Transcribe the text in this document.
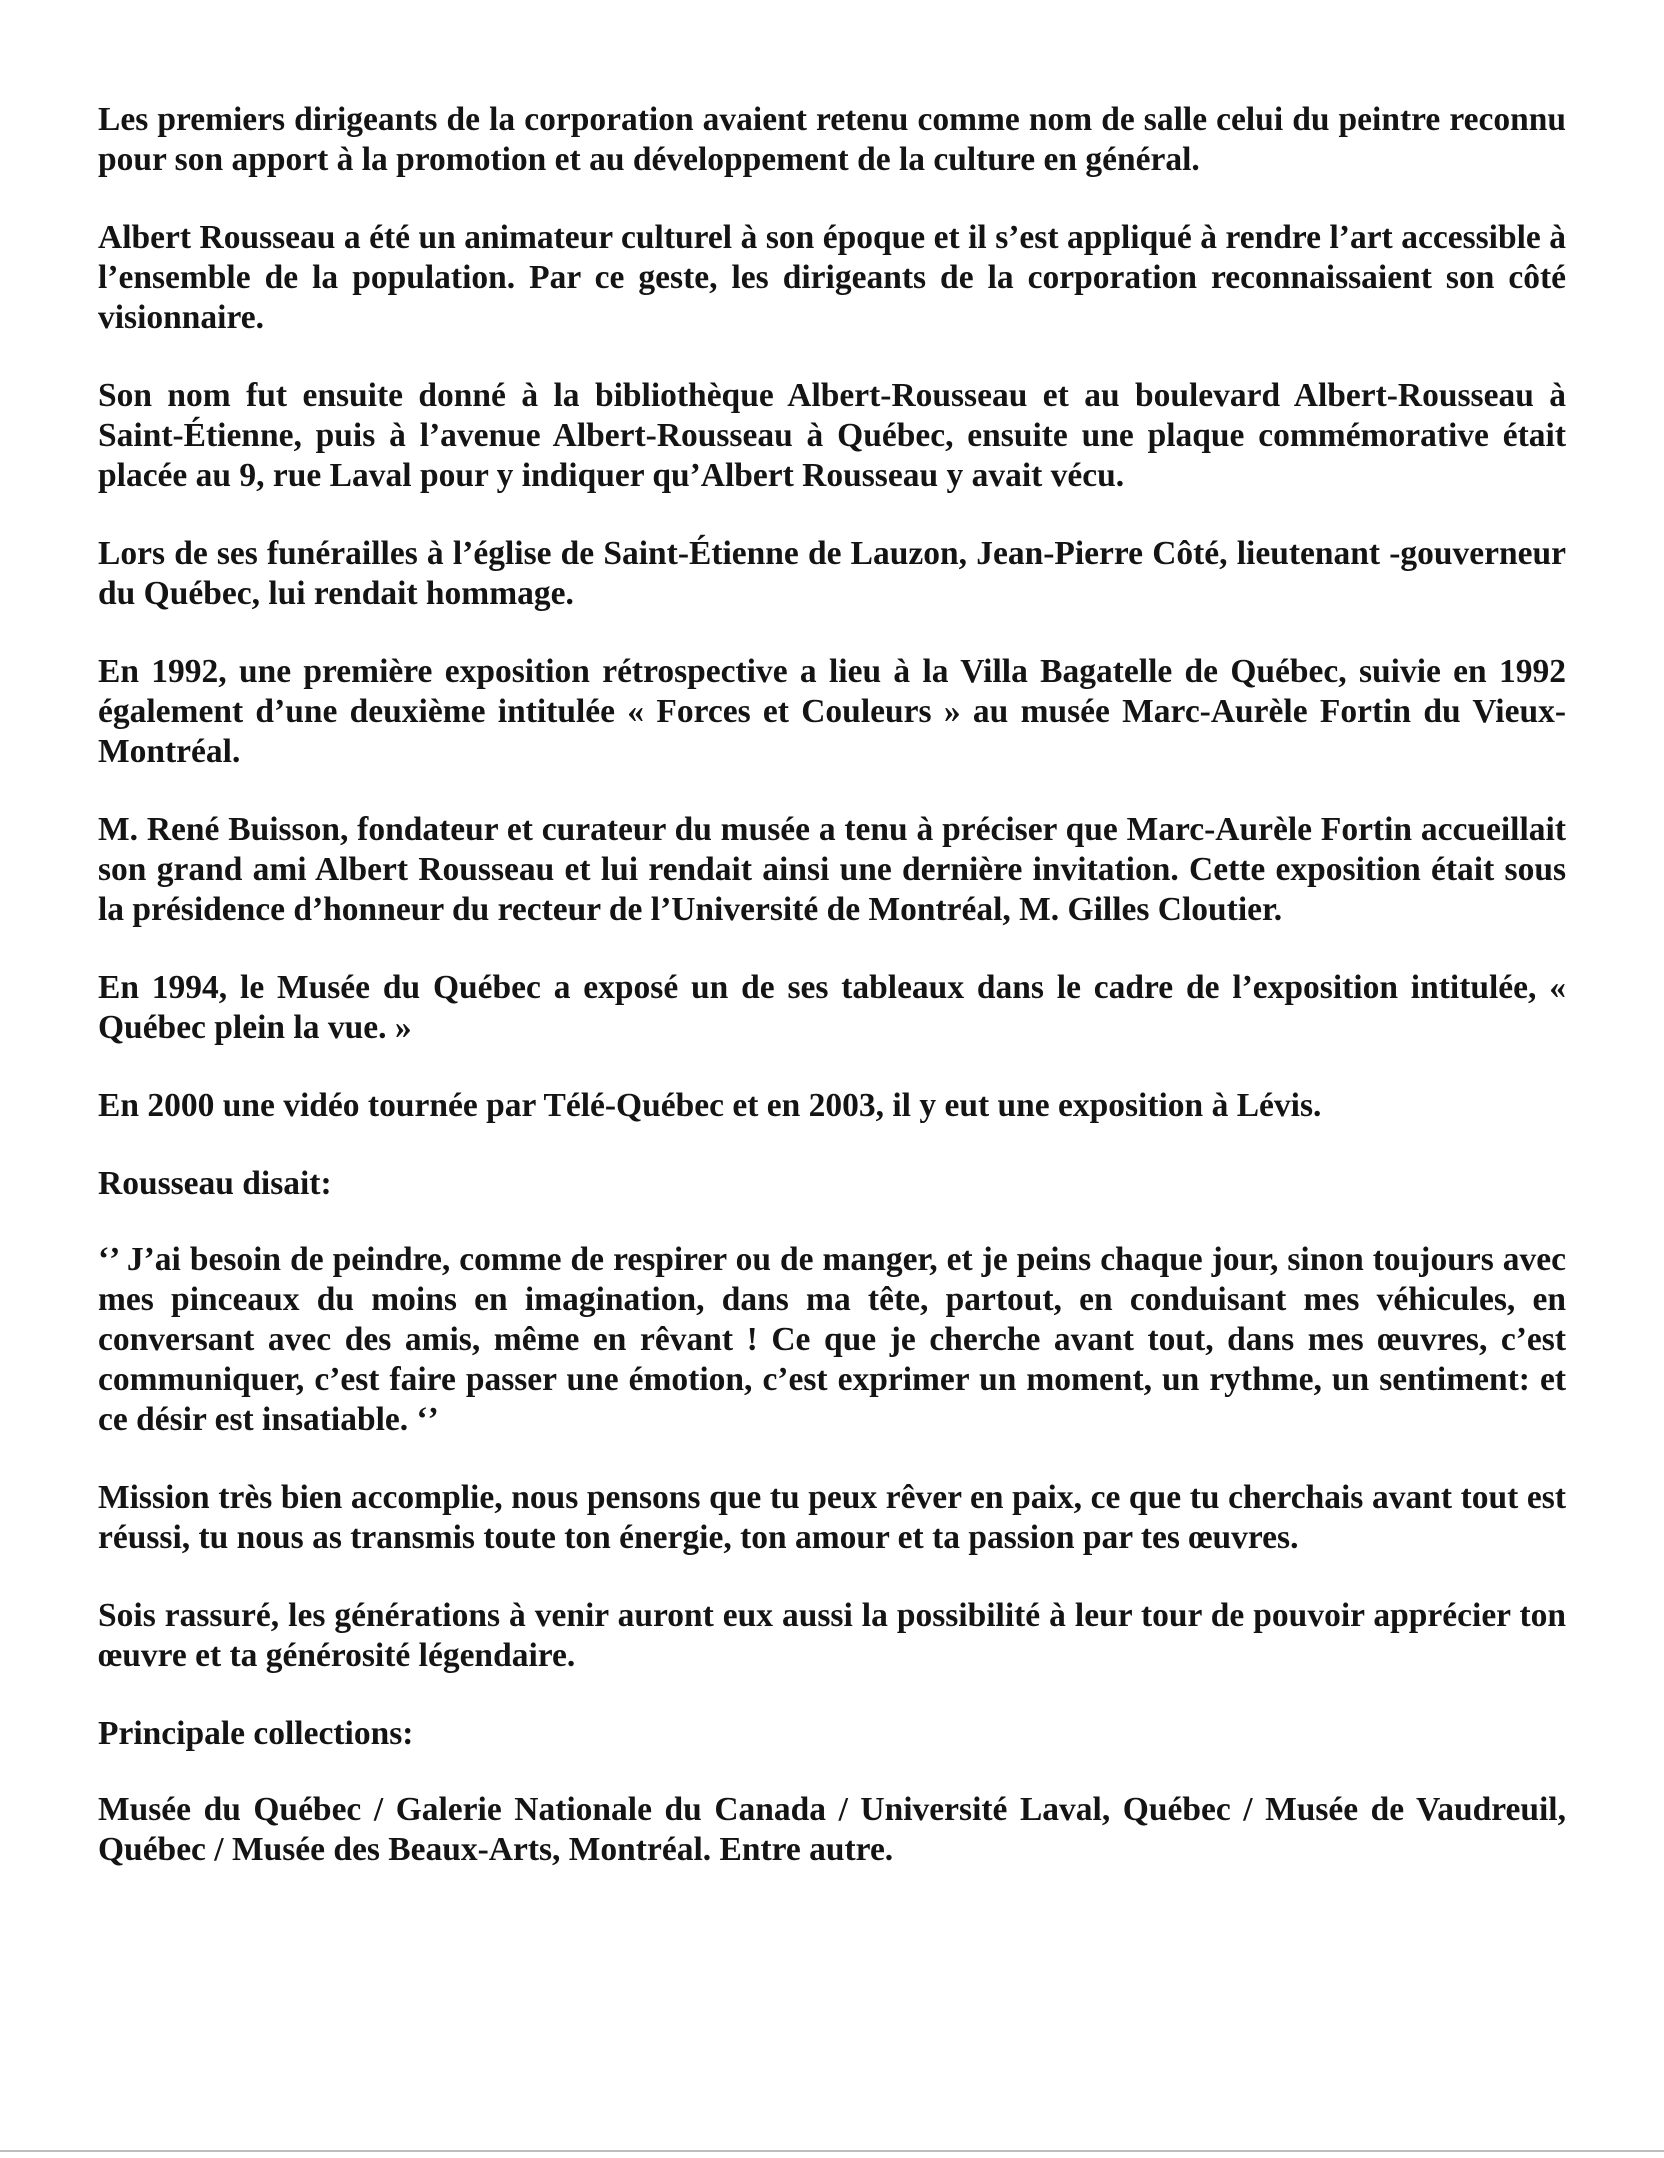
Les premiers dirigeants de la corporation avaient retenu comme nom de salle celui du peintre reconnu pour son apport à la promotion et au développement de la culture en général.

Albert Rousseau a été un animateur culturel à son époque et il s’est appliqué à rendre l’art accessible à l’ensemble de la population. Par ce geste, les dirigeants de la corporation reconnaissaient son côté visionnaire.

Son nom fut ensuite donné à la bibliothèque Albert-Rousseau et au boulevard Albert-Rousseau à Saint-Étienne, puis à l’avenue Albert-Rousseau à Québec, ensuite une plaque commémorative était placée au 9, rue Laval pour y indiquer qu’Albert Rousseau y avait vécu.

Lors de ses funérailles à l’église de Saint-Étienne de Lauzon, Jean-Pierre Côté, lieutenant -gouverneur du Québec, lui rendait hommage.

En 1992, une première exposition rétrospective a lieu à la Villa Bagatelle de Québec, suivie en 1992 également d’une deuxième intitulée « Forces et Couleurs » au musée Marc-Aurèle Fortin du Vieux-Montréal.

M. René Buisson, fondateur et curateur du musée a tenu à préciser que Marc-Aurèle Fortin accueillait son grand ami Albert Rousseau et lui rendait ainsi une dernière invitation. Cette exposition était sous la présidence d’honneur du recteur de l’Université de Montréal, M. Gilles Cloutier.

En 1994, le Musée du Québec a exposé un de ses tableaux dans le cadre de l’exposition intitulée, « Québec plein la vue. »

En 2000 une vidéo tournée par Télé-Québec et en 2003, il y eut une exposition à Lévis.

Rousseau disait:

‘’ J’ai besoin de peindre, comme de respirer ou de manger, et je peins chaque jour, sinon toujours avec mes pinceaux du moins en imagination, dans ma tête, partout, en conduisant mes véhicules, en conversant avec des amis, même en rêvant ! Ce que je cherche avant tout, dans mes œuvres, c’est communiquer, c’est faire passer une émotion, c’est exprimer un moment, un rythme, un sentiment: et ce désir est insatiable. ‘’

Mission très bien accomplie, nous pensons que tu peux rêver en paix, ce que tu cherchais avant tout est réussi, tu nous as transmis toute ton énergie, ton amour et ta passion par tes œuvres.

Sois rassuré, les générations à venir auront eux aussi la possibilité à leur tour de pouvoir apprécier ton œuvre et ta générosité légendaire.

Principale collections:

Musée du Québec / Galerie Nationale du Canada / Université Laval, Québec / Musée de Vaudreuil, Québec / Musée des Beaux-Arts, Montréal. Entre autre.
